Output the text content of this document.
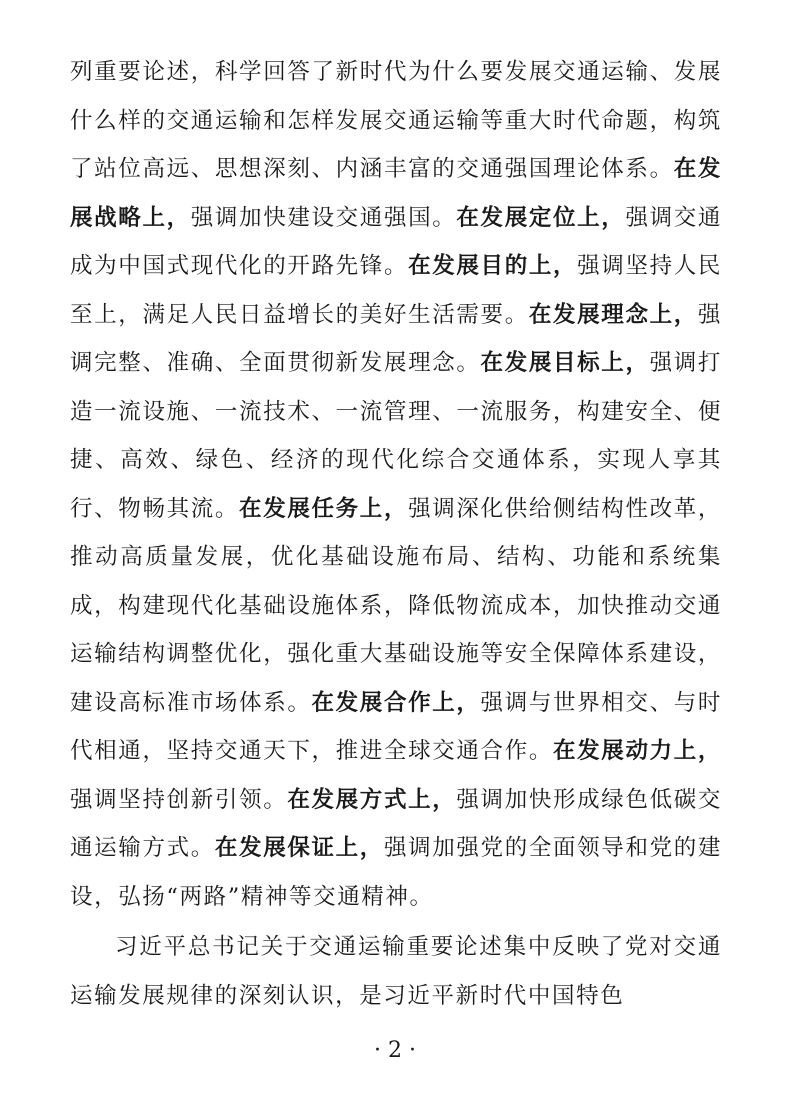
列重要论述，科学回答了新时代为什么要发展交通运输、发展什么样的交通运输和怎样发展交通运输等重大时代命题，构筑了站位高远、思想深刻、内涵丰富的交通强国理论体系。在发展战略上，强调加快建设交通强国。在发展定位上，强调交通成为中国式现代化的开路先锋。在发展目的上，强调坚持人民至上，满足人民日益增长的美好生活需要。在发展理念上，强调完整、准确、全面贯彻新发展理念。在发展目标上，强调打造一流设施、一流技术、一流管理、一流服务，构建安全、便捷、高效、绿色、经济的现代化综合交通体系，实现人享其行、物畅其流。在发展任务上，强调深化供给侧结构性改革，推动高质量发展，优化基础设施布局、结构、功能和系统集成，构建现代化基础设施体系，降低物流成本，加快推动交通运输结构调整优化，强化重大基础设施等安全保障体系建设，建设高标准市场体系。在发展合作上，强调与世界相交、与时代相通，坚持交通天下，推进全球交通合作。在发展动力上，强调坚持创新引领。在发展方式上，强调加快形成绿色低碳交通运输方式。在发展保证上，强调加强党的全面领导和党的建设，弘扬“两路”精神等交通精神。

习近平总书记关于交通运输重要论述集中反映了党对交通运输发展规律的深刻认识，是习近平新时代中国特色

· 2 ·
